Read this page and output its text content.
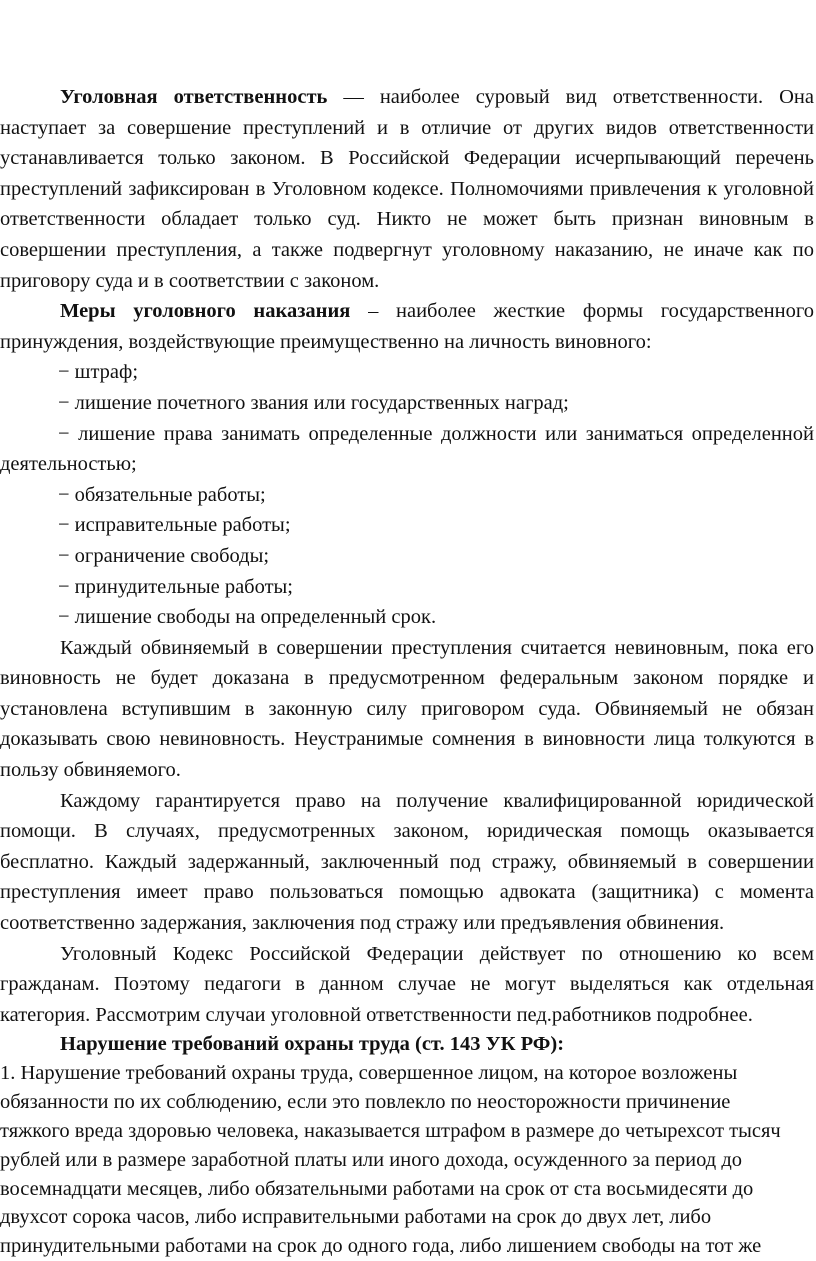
Уголовная ответственность — наиболее суровый вид ответственности. Она наступает за совершение преступлений и в отличие от других видов ответственности устанавливается только законом. В Российской Федерации исчерпывающий перечень преступлений зафиксирован в Уголовном кодексе. Полномочиями привлечения к уголовной ответственности обладает только суд. Никто не может быть признан виновным в совершении преступления, а также подвергнут уголовному наказанию, не иначе как по приговору суда и в соответствии с законом.

Меры уголовного наказания – наиболее жесткие формы государственного принуждения, воздействующие преимущественно на личность виновного:

− штраф;

− лишение почетного звания или государственных наград;

− лишение права занимать определенные должности или заниматься определенной деятельностью;

− обязательные работы;

− исправительные работы;

− ограничение свободы;

− принудительные работы;

− лишение свободы на определенный срок.

Каждый обвиняемый в совершении преступления считается невиновным, пока его виновность не будет доказана в предусмотренном федеральным законом порядке и установлена вступившим в законную силу приговором суда. Обвиняемый не обязан доказывать свою невиновность. Неустранимые сомнения в виновности лица толкуются в пользу обвиняемого.

Каждому гарантируется право на получение квалифицированной юридической помощи. В случаях, предусмотренных законом, юридическая помощь оказывается бесплатно. Каждый задержанный, заключенный под стражу, обвиняемый в совершении преступления имеет право пользоваться помощью адвоката (защитника) с момента соответственно задержания, заключения под стражу или предъявления обвинения.

Уголовный Кодекс Российской Федерации действует по отношению ко всем гражданам. Поэтому педагоги в данном случае не могут выделяться как отдельная категория. Рассмотрим случаи уголовной ответственности пед.работников подробнее.

Нарушение требований охраны труда (ст. 143 УК РФ):

1. Нарушение требований охраны труда, совершенное лицом, на которое возложены обязанности по их соблюдению, если это повлекло по неосторожности причинение тяжкого вреда здоровью человека, наказывается штрафом в размере до четырехсот тысяч рублей или в размере заработной платы или иного дохода, осужденного за период до восемнадцати месяцев, либо обязательными работами на срок от ста восьмидесяти до двухсот сорока часов, либо исправительными работами на срок до двух лет, либо принудительными работами на срок до одного года, либо лишением свободы на тот же
